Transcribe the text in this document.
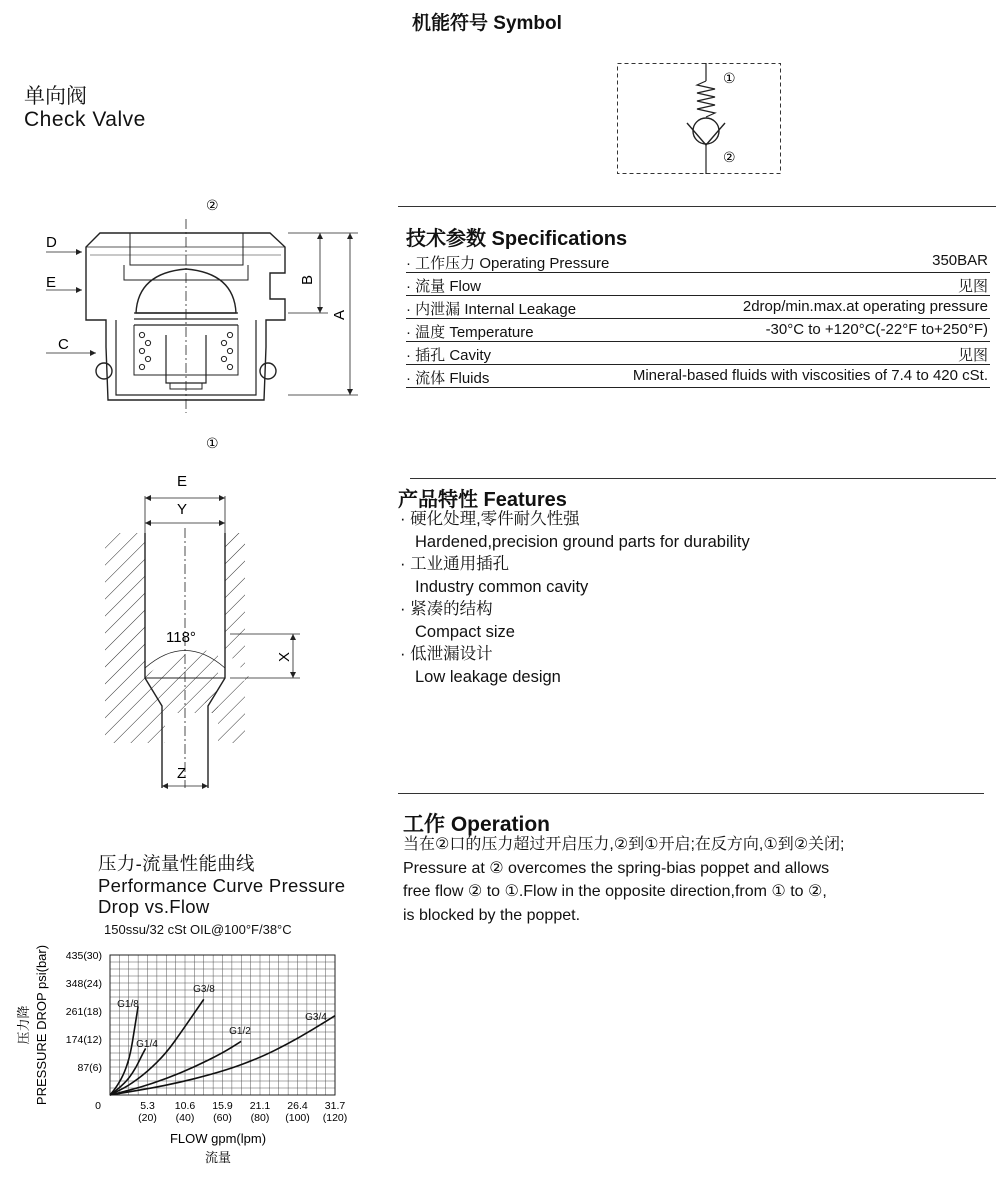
机能符号 Symbol
单向阀
Check Valve
①
②
②
①
D
E
C
B
A
E
Y
118°
X
Z
技术参数 Specifications
· 工作压力 Operating Pressure	350BAR
· 流量 Flow	见图
· 内泄漏 Internal Leakage	2drop/min.max.at operating pressure
· 温度 Temperature	-30°C to +120°C(-22°F to+250°F)
· 插孔 Cavity	见图
· 流体 Fluids	Mineral-based fluids with viscosities of 7.4 to 420 cSt.
产品特性 Features
· 硬化处理,零件耐久性强
Hardened,precision ground parts for durability
· 工业通用插孔
Industry common cavity
· 紧凑的结构
Compact size
· 低泄漏设计
Low leakage design
工作 Operation
当在②口的压力超过开启压力,②到①开启;在反方向,①到②关闭;
Pressure at ② overcomes the spring-bias poppet and allows
free flow ② to ①.Flow in the opposite direction,from ① to ②,
is blocked by the poppet.
压力-流量性能曲线
Performance Curve Pressure
Drop vs.Flow
150ssu/32 cSt OIL@100°F/38°C
87(6)
174(12)
261(18)
348(24)
435(30)
0	5.3
(20)
10.6
(40)
15.9
(60)
21.1
(80)
26.4
(100)
31.7
(120)
FLOW gpm(lpm)
流量
PRESSURE DROP psi(bar)
压力降
G1/8
G1/4
G3/8
G1/2
G3/4
